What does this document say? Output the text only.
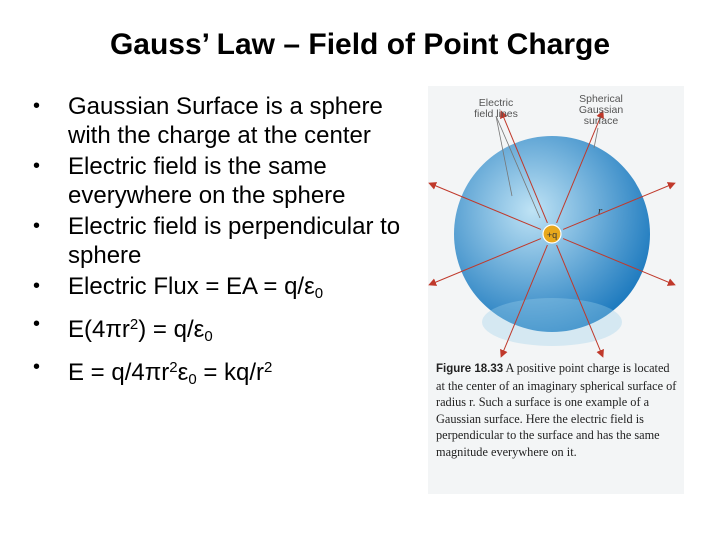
Gauss’ Law – Field of Point Charge
• Gaussian Surface is a sphere with the charge at the center
• Electric field is the same everywhere on the sphere
• Electric field is perpendicular to sphere
• Electric Flux = EA = $q/\varepsilon_0$
• $E(4\pi r^2) = q/\varepsilon_0$
• $E = q/4\pi r^2\varepsilon_0 = kq/r^2$
+q
r
Electric field lines
Spherical Gaussian surface
Figure 18.33 A positive point charge is located at the center of an imaginary spherical surface of radius r. Such a surface is one example of a Gaussian surface. Here the electric field is perpendicular to the surface and has the same magnitude everywhere on it.
